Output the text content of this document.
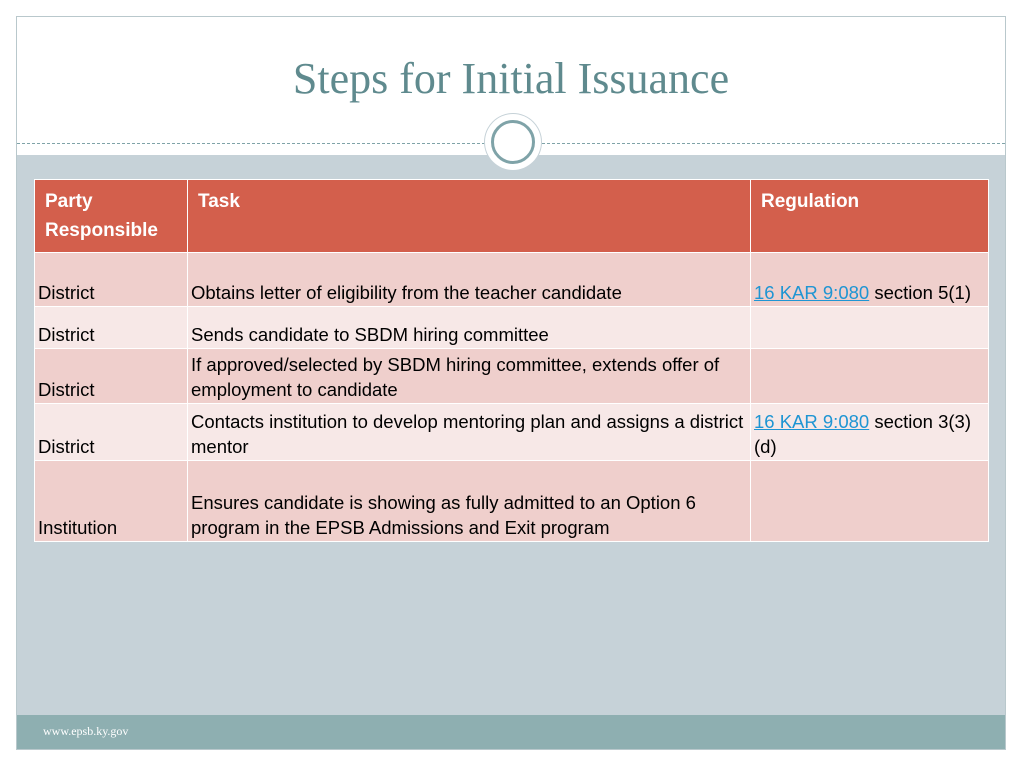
Steps for Initial Issuance
Party Responsible	Task	Regulation
District	Obtains letter of eligibility from the teacher candidate	16 KAR 9:080 section 5(1)
District	Sends candidate to SBDM hiring committee	
District	If approved/selected by SBDM hiring committee, extends offer of employment to candidate	
District	Contacts institution to develop mentoring plan and assigns a district mentor	16 KAR 9:080 section 3(3)(d)
Institution	Ensures candidate is showing as fully admitted to an Option 6 program in the EPSB Admissions and Exit program	
www.epsb.ky.gov
